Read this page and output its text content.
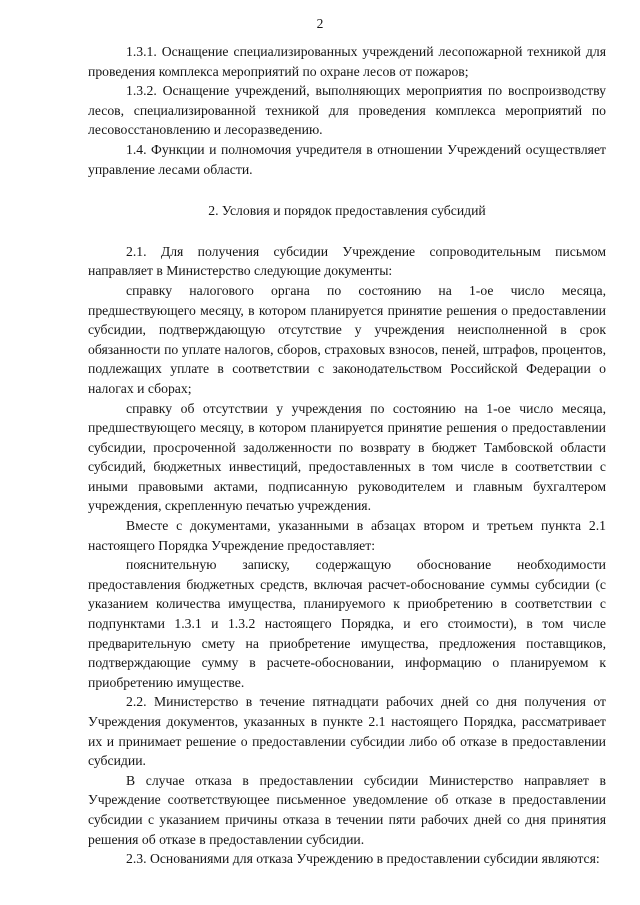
2

1.3.1. Оснащение специализированных учреждений лесопожарной техникой для проведения комплекса мероприятий по охране лесов от пожаров;

1.3.2. Оснащение учреждений, выполняющих мероприятия по воспроизводству лесов, специализированной техникой для проведения комплекса мероприятий по лесовосстановлению и лесоразведению.

1.4. Функции и полномочия учредителя в отношении Учреждений осуществляет управление лесами области.

2. Условия и порядок предоставления субсидий

2.1. Для получения субсидии Учреждение сопроводительным письмом направляет в Министерство следующие документы:

справку налогового органа по состоянию на 1-ое число месяца, предшествующего месяцу, в котором планируется принятие решения о предоставлении субсидии, подтверждающую отсутствие у учреждения неисполненной в срок обязанности по уплате налогов, сборов, страховых взносов, пеней, штрафов, процентов, подлежащих уплате в соответствии с законодательством Российской Федерации о налогах и сборах;

справку об отсутствии у учреждения по состоянию на 1-ое число месяца, предшествующего месяцу, в котором планируется принятие решения о предоставлении субсидии, просроченной задолженности по возврату в бюджет Тамбовской области субсидий, бюджетных инвестиций, предоставленных в том числе в соответствии с иными правовыми актами, подписанную руководителем и главным бухгалтером учреждения, скрепленную печатью учреждения.

Вместе с документами, указанными в абзацах втором и третьем пункта 2.1 настоящего Порядка Учреждение предоставляет:

пояснительную записку, содержащую обоснование необходимости предоставления бюджетных средств, включая расчет-обоснование суммы субсидии (с указанием количества имущества, планируемого к приобретению в соответствии с подпунктами 1.3.1 и 1.3.2 настоящего Порядка, и его стоимости), в том числе предварительную смету на приобретение имущества, предложения поставщиков, подтверждающие сумму в расчете-обосновании, информацию о планируемом к приобретению имуществе.

2.2. Министерство в течение пятнадцати рабочих дней со дня получения от Учреждения документов, указанных в пункте 2.1 настоящего Порядка, рассматривает их и принимает решение о предоставлении субсидии либо об отказе в предоставлении субсидии.

В случае отказа в предоставлении субсидии Министерство направляет в Учреждение соответствующее письменное уведомление об отказе в предоставлении субсидии с указанием причины отказа в течении пяти рабочих дней со дня принятия решения об отказе в предоставлении субсидии.

2.3. Основаниями для отказа Учреждению в предоставлении субсидии являются:
